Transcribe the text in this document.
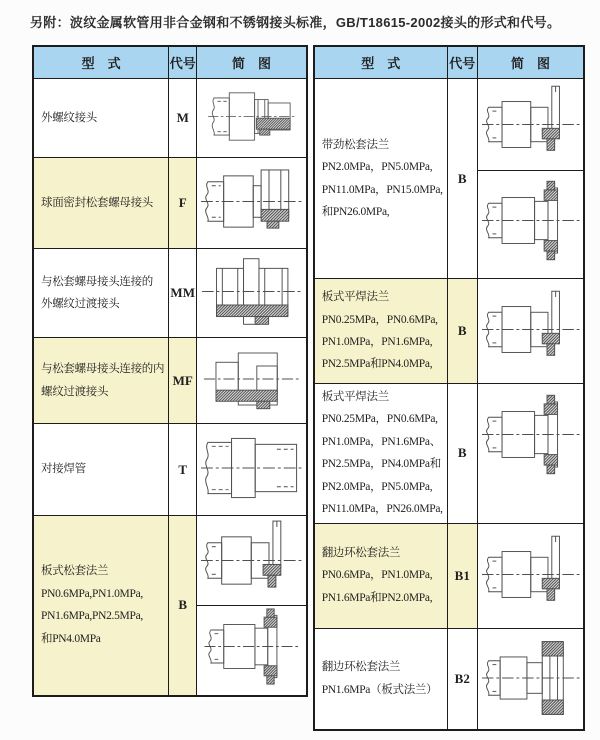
另附：波纹金属软管用非合金钢和不锈钢接头标准，GB/T18615-2002接头的形式和代号。
型　式	代号	简　图

外螺纹接头	M	

球面密封松套螺母接头	F	

与松套螺母接头连接的
外螺纹过渡接头	MM	

与松套螺母接头连接的内
螺纹过渡接头	MF	

对接焊管	T	

板式松套法兰
PN0.6MPa,PN1.0MPa,
PN1.6MPa,PN2.5MPa,
和PN4.0MPa	B	
型　式	代号	简　图

带劲松套法兰
PN2.0MPa，PN5.0MPa,
PN11.0MPa，PN15.0MPa,
和PN26.0MPa,	B	

板式平焊法兰
PN0.25MPa，PN0.6MPa,
PN1.0MPa，PN1.6MPa,
PN2.5MPa和PN4.0MPa,	B	

板式平焊法兰
PN0.25MPa，PN0.6MPa,
PN1.0MPa，PN1.6MPa、
PN2.5MPa，PN4.0MPa和
PN2.0MPa，PN5.0MPa,
PN11.0MPa，PN26.0MPa,
	B	

翻边环松套法兰
PN0.6MPa，PN1.0MPa,
PN1.6MPa和PN2.0MPa,	B1	

翻边环松套法兰
PN1.6MPa（板式法兰）	B2	
